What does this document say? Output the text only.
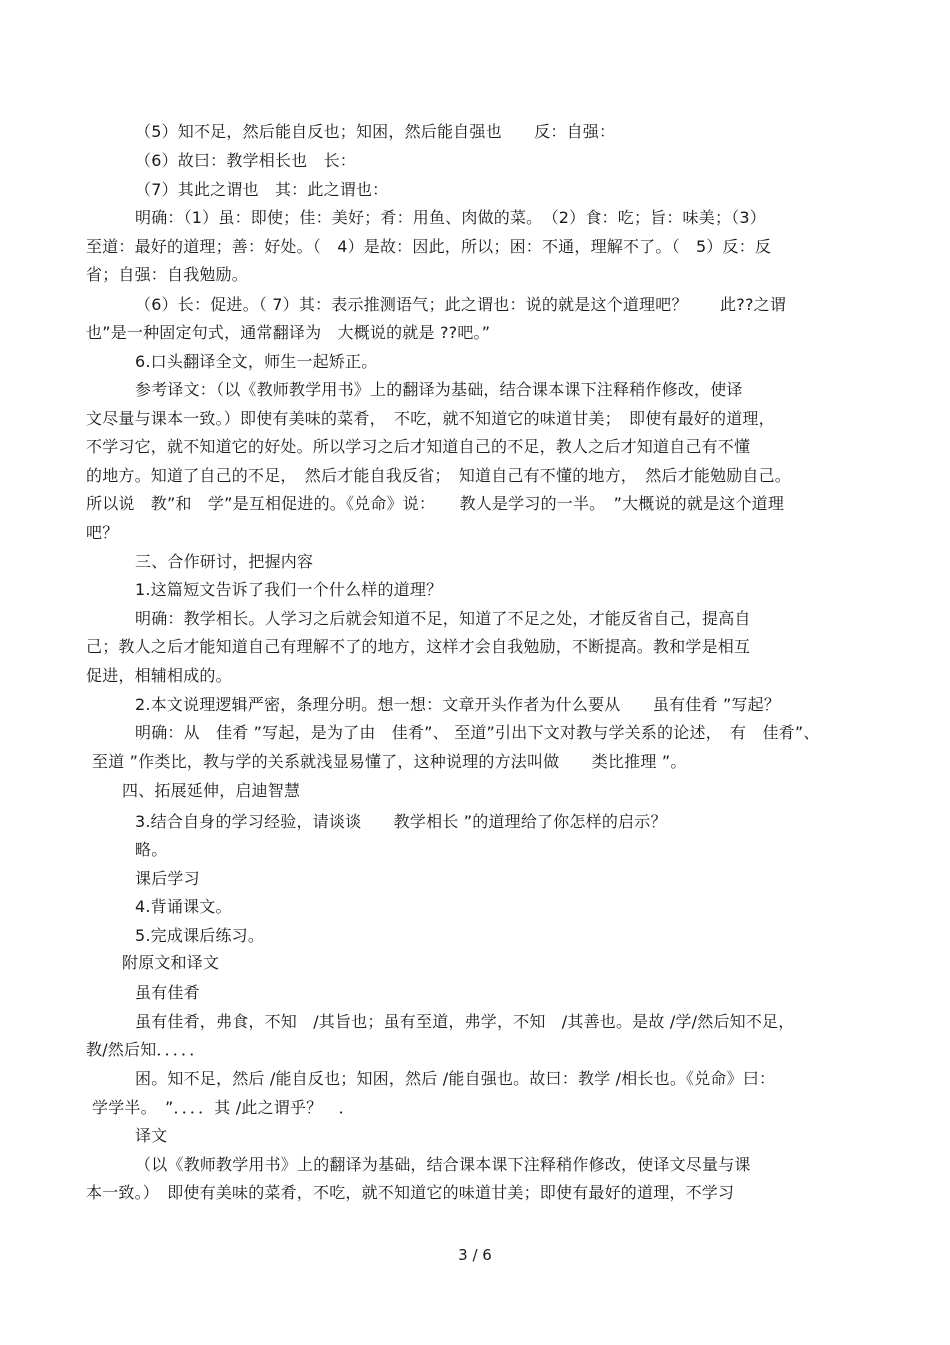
（5）知不足，然后能自反也；知困，然后能自强也　　反：自强：
（6）故曰：教学相长也　长：
（7）其此之谓也　其：此之谓也：
明确：（1）虽：即使；佳：美好；肴：用鱼、肉做的菜。　（2）食：吃；旨：味美；（3）
至道：最好的道理；善：好处。（　4）是故：因此，所以；困：不通，理解不了。（　5）反：反
省；自强：自我勉励。
（6）长：促进。（ 7）其：表示推测语气；此之谓也：说的就是这个道理吧？　　此??之谓
也”是一种固定句式，通常翻译为　大概说的就是 ??吧。”
6.口头翻译全文，师生一起矫正。
参考译文：（以《教师教学用书》上的翻译为基础，结合课本课下注释稍作修改，使译
文尽量与课本一致。）即使有美味的菜肴，　不吃，就不知道它的味道甘美；　即使有最好的道理，
不学习它，就不知道它的好处。所以学习之后才知道自己的不足，教人之后才知道自己有不懂
的地方。知道了自己的不足，　然后才能自我反省；　知道自己有不懂的地方，　然后才能勉励自己。
所以说　教”和　学”是互相促进的。《兑命》说：　　教人是学习的一半。　”大概说的就是这个道理
吧？
三、合作研讨，把握内容
1.这篇短文告诉了我们一个什么样的道理？
明确：教学相长。人学习之后就会知道不足，知道了不足之处，才能反省自己，提高自
己；教人之后才能知道自己有理解不了的地方，这样才会自我勉励，不断提高。教和学是相互
促进，相辅相成的。
2.本文说理逻辑严密，条理分明。想一想：文章开头作者为什么要从　　虽有佳肴 ”写起？
明确：从　佳肴 ”写起，是为了由　佳肴”、 至道”引出下文对教与学关系的论述，　有　佳肴”、
至道 ”作类比，教与学的关系就浅显易懂了，这种说理的方法叫做　　类比推理 ”。
四、拓展延伸，启迪智慧
3.结合自身的学习经验，请谈谈　　教学相长 ”的道理给了你怎样的启示？
略。
课后学习
4.背诵课文。
5.完成课后练习。
附原文和译文
虽有佳肴
虽有佳肴，弗食，不知　/其旨也；虽有至道，弗学，不知　/其善也。是故 /学/然后知不足，
教/然后知．．．．．
困。知不足，然后 /能自反也；知困，然后 /能自强也。故曰：教学 /相长也。《兑命》曰：
学学半。　”．．．．其 /此之谓乎？　．
译文
（以《教师教学用书》上的翻译为基础，结合课本课下注释稍作修改，使译文尽量与课
本一致。）　即使有美味的菜肴，不吃，就不知道它的味道甘美；即使有最好的道理，不学习
3 / 6
